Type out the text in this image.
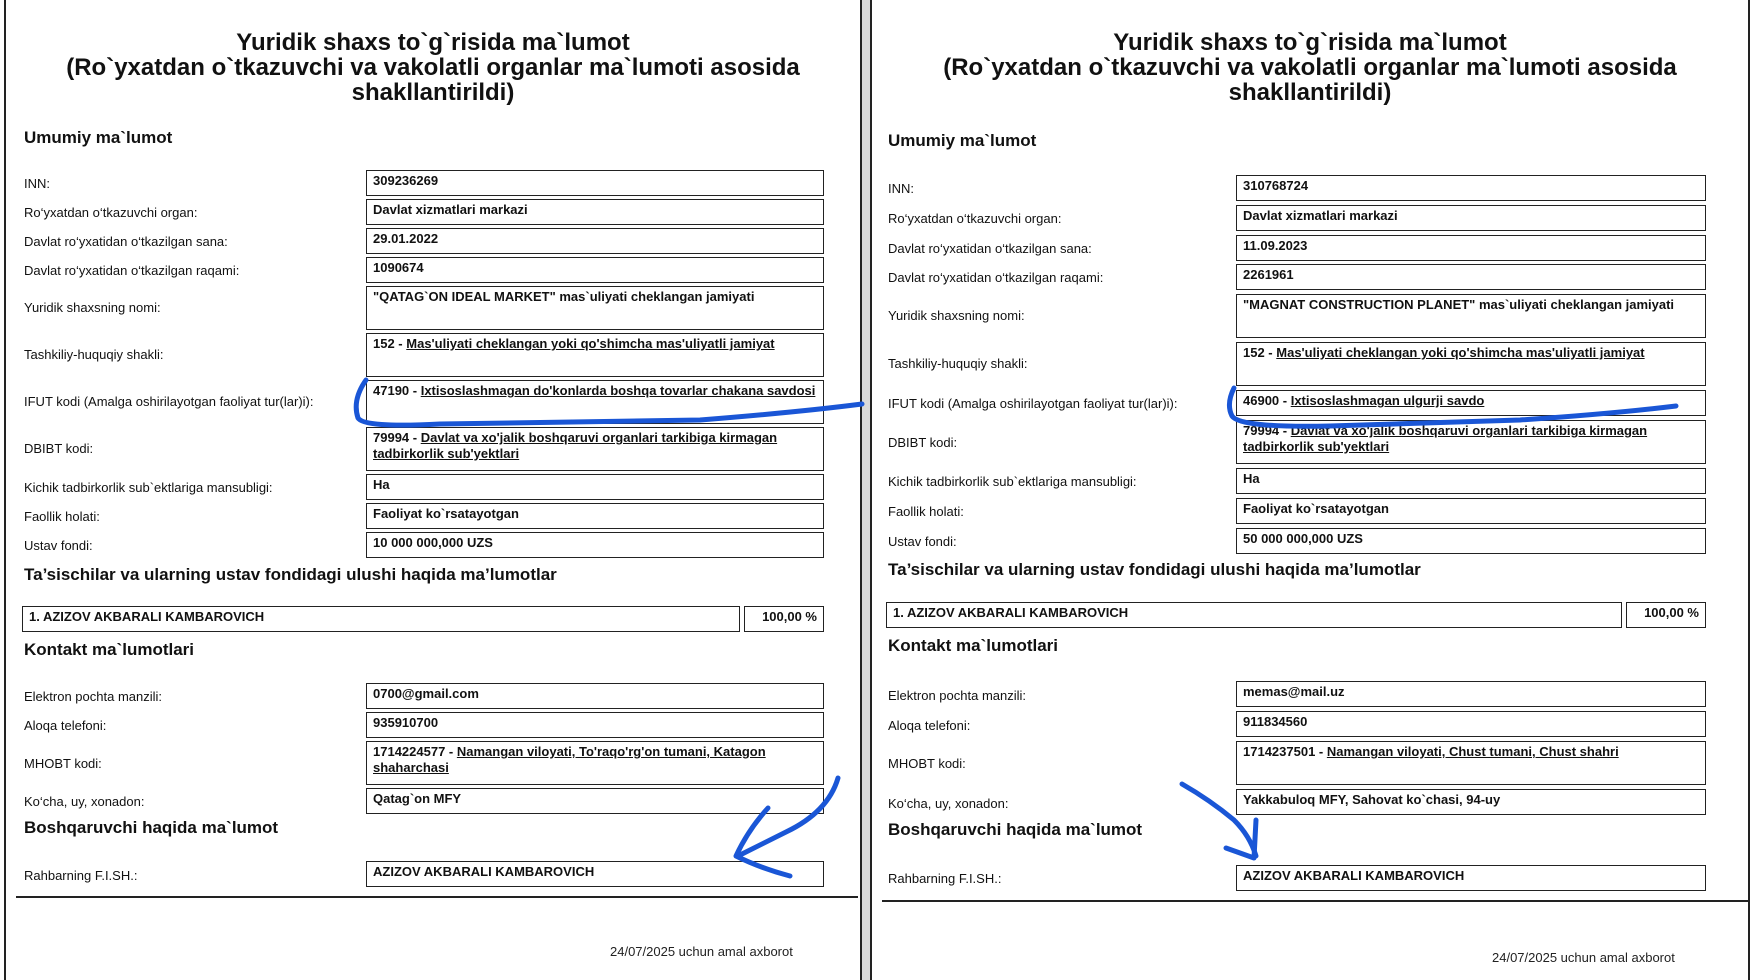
Yuridik shaxs to`g`risida ma`lumot
(Ro`yxatdan o`tkazuvchi va vakolatli organlar ma`lumoti asosida
shakllantirildi)
Umumiy ma`lumot
INN:	309236269
Ro‘yxatdan o‘tkazuvchi organ:	Davlat xizmatlari markazi
Davlat ro‘yxatidan o‘tkazilgan sana:	29.01.2022
Davlat ro‘yxatidan o‘tkazilgan raqami:	1090674
Yuridik shaxsning nomi:
"QATAG`ON IDEAL MARKET" mas`uliyati cheklangan jamiyati
Tashkiliy-huquqiy shakli:
152 - Mas'uliyati cheklangan yoki qo'shimcha mas'uliyatli jamiyat
IFUT kodi (Amalga oshirilayotgan faoliyat tur(lar)i):
47190 - Ixtisoslashmagan do'konlarda boshqa tovarlar chakana savdosi
DBIBT kodi:
79994 - Davlat va xo'jalik boshqaruvi organlari tarkibiga kirmagan tadbirkorlik sub'yektlari
Kichik tadbirkorlik sub`ektlariga mansubligi:	Ha
Faollik holati:	Faoliyat ko`rsatayotgan
Ustav fondi:	10 000 000,000 UZS
Ta’sischilar va ularning ustav fondidagi ulushi haqida ma’lumotlar
1. AZIZOV AKBARALI KAMBAROVICH	100,00 %
Kontakt ma`lumotlari
Elektron pochta manzili:	0700@gmail.com
Aloqa telefoni:	935910700
MHOBT kodi:
1714224577 - Namangan viloyati, To'raqo'rg'on tumani, Katagon shaharchasi
Ko‘cha, uy, xonadon:	Qatag`on MFY
Boshqaruvchi haqida ma`lumot
Rahbarning F.I.SH.:	AZIZOV AKBARALI KAMBAROVICH
24/07/2025 uchun amal axborot
Yuridik shaxs to`g`risida ma`lumot
(Ro`yxatdan o`tkazuvchi va vakolatli organlar ma`lumoti asosida
shakllantirildi)
Umumiy ma`lumot
INN:	310768724
Ro‘yxatdan o‘tkazuvchi organ:	Davlat xizmatlari markazi
Davlat ro‘yxatidan o‘tkazilgan sana:	11.09.2023
Davlat ro‘yxatidan o‘tkazilgan raqami:	2261961
Yuridik shaxsning nomi:
"MAGNAT CONSTRUCTION PLANET" mas`uliyati cheklangan jamiyati
Tashkiliy-huquqiy shakli:
152 - Mas'uliyati cheklangan yoki qo'shimcha mas'uliyatli jamiyat
IFUT kodi (Amalga oshirilayotgan faoliyat tur(lar)i):	46900 - Ixtisoslashmagan ulgurji savdo
DBIBT kodi:
79994 - Davlat va xo'jalik boshqaruvi organlari tarkibiga kirmagan tadbirkorlik sub'yektlari
Kichik tadbirkorlik sub`ektlariga mansubligi:	Ha
Faollik holati:	Faoliyat ko`rsatayotgan
Ustav fondi:	50 000 000,000 UZS
Ta’sischilar va ularning ustav fondidagi ulushi haqida ma’lumotlar
1. AZIZOV AKBARALI KAMBAROVICH	100,00 %
Kontakt ma`lumotlari
Elektron pochta manzili:	memas@mail.uz
Aloqa telefoni:	911834560
MHOBT kodi:
1714237501 - Namangan viloyati, Chust tumani, Chust shahri
Ko‘cha, uy, xonadon:	Yakkabuloq MFY, Sahovat ko`chasi, 94-uy
Boshqaruvchi haqida ma`lumot
Rahbarning F.I.SH.:	AZIZOV AKBARALI KAMBAROVICH
24/07/2025 uchun amal axborot
